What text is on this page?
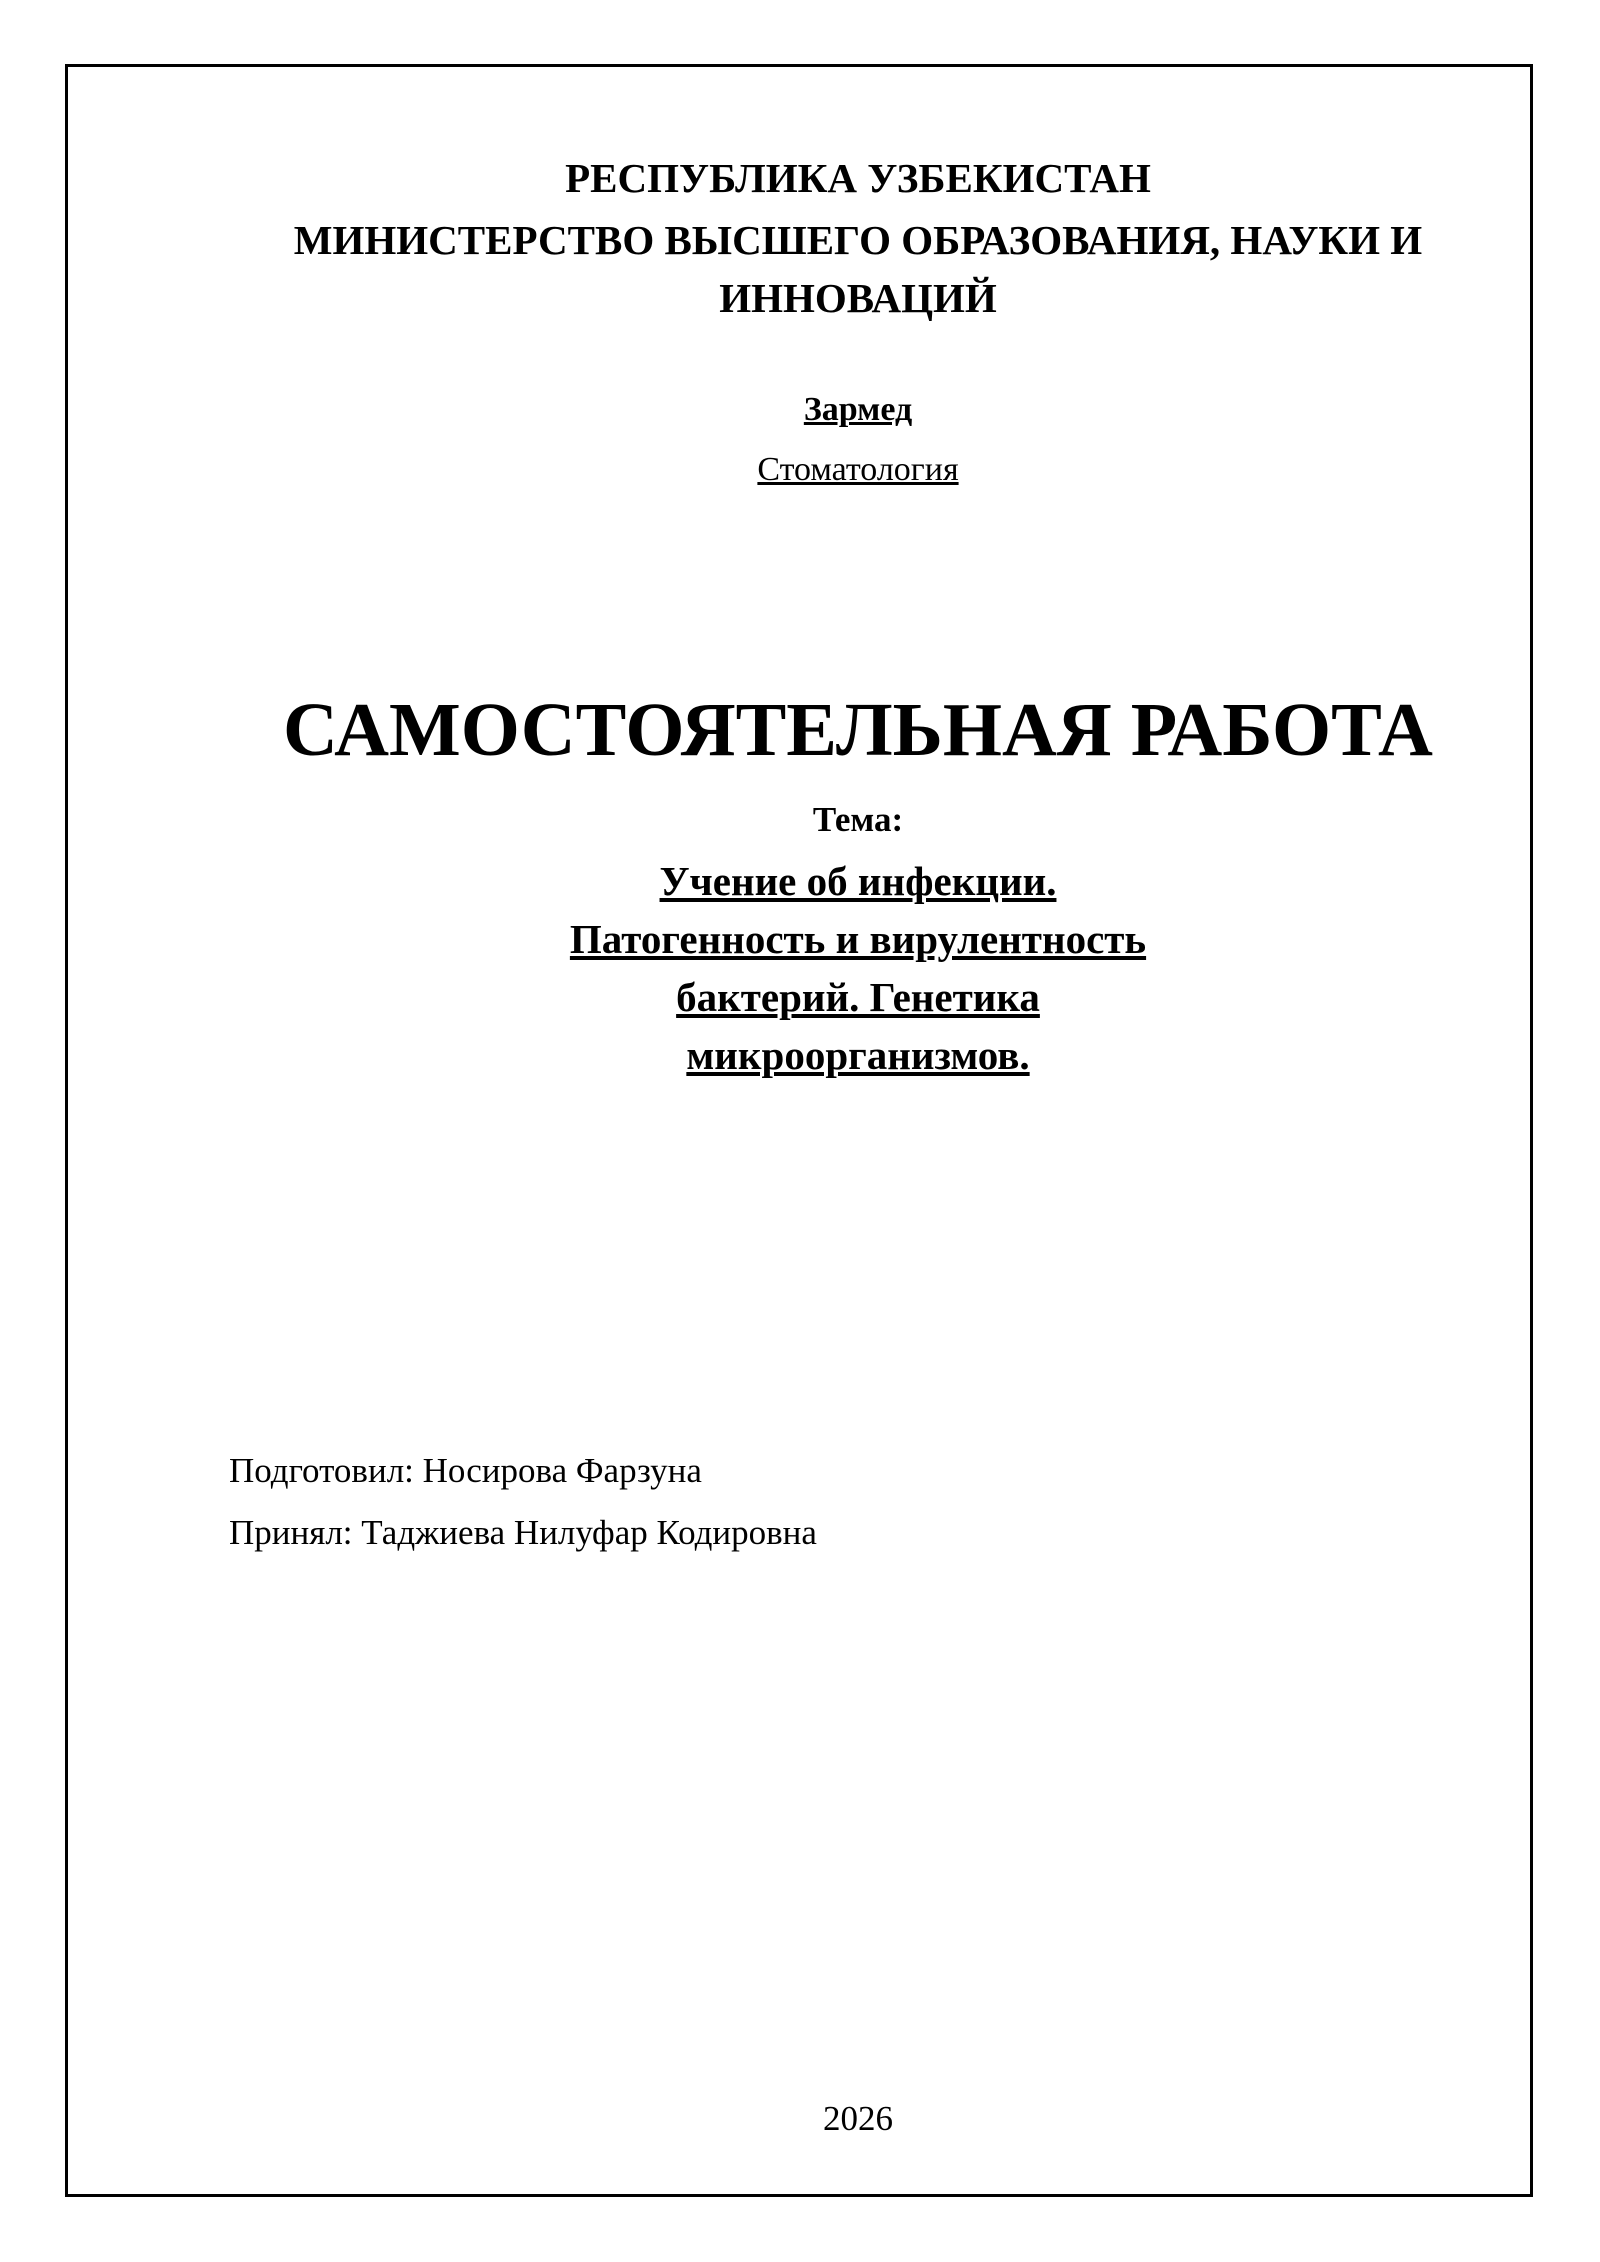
РЕСПУБЛИКА УЗБЕКИСТАН
МИНИСТЕРСТВО ВЫСШЕГО ОБРАЗОВАНИЯ, НАУКИ И
ИННОВАЦИЙ
Зармед
Стоматология
САМОСТОЯТЕЛЬНАЯ РАБОТА
Тема:
Учение об инфекции.
Патогенность и вирулентность
бактерий. Генетика
микроорганизмов.
Подготовил: Носирова Фарзуна
Принял: Таджиева Нилуфар Кодировна
2026
